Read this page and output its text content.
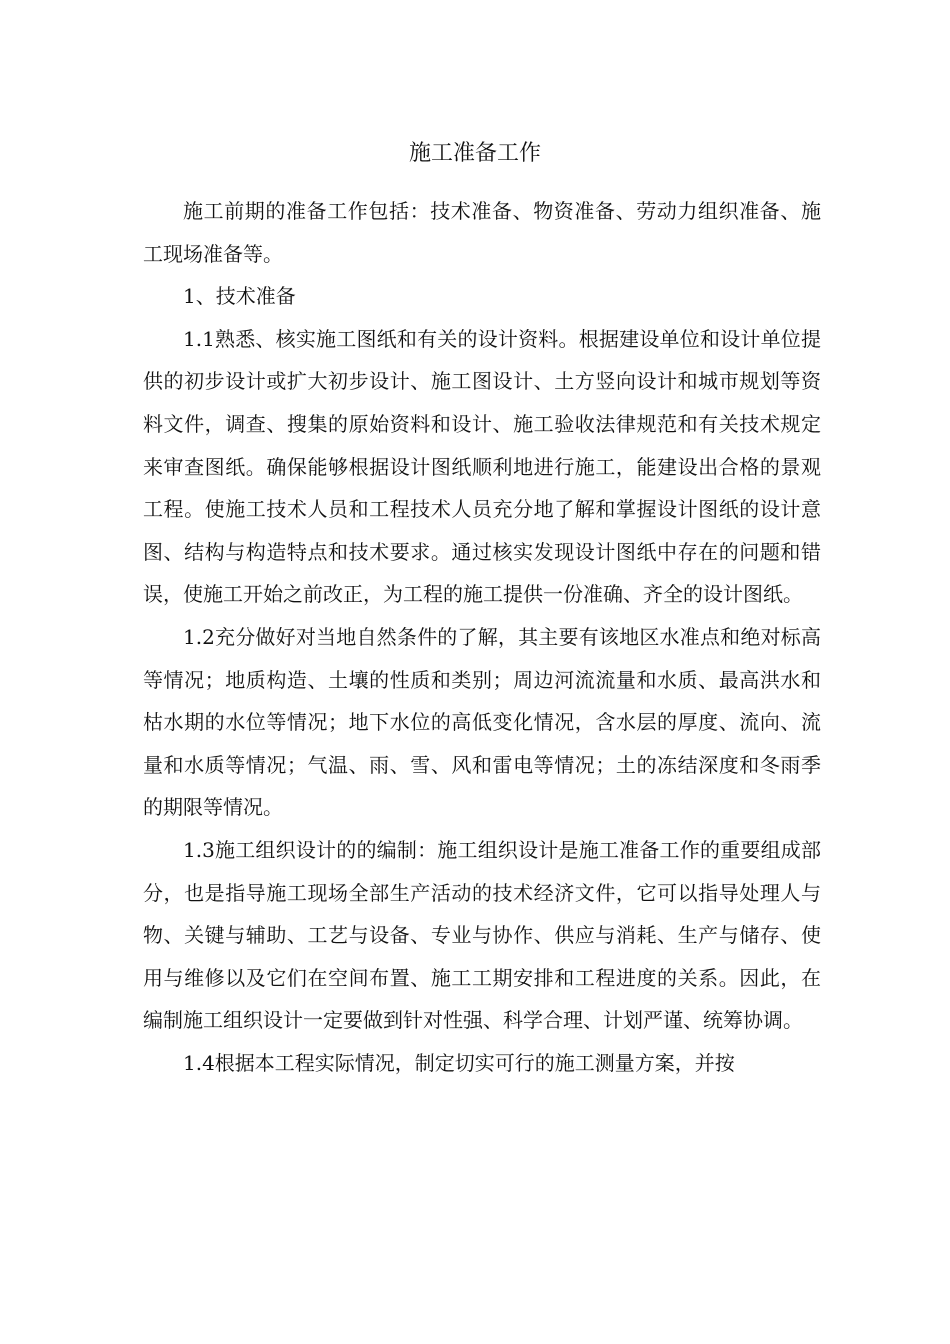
施工准备工作

施工前期的准备工作包括：技术准备、物资准备、劳动力组织准备、施工现场准备等。

1、技术准备

1.1熟悉、核实施工图纸和有关的设计资料。根据建设单位和设计单位提供的初步设计或扩大初步设计、施工图设计、土方竖向设计和城市规划等资料文件，调查、搜集的原始资料和设计、施工验收法律规范和有关技术规定来审查图纸。确保能够根据设计图纸顺利地进行施工，能建设出合格的景观工程。使施工技术人员和工程技术人员充分地了解和掌握设计图纸的设计意图、结构与构造特点和技术要求。通过核实发现设计图纸中存在的问题和错误，使施工开始之前改正，为工程的施工提供一份准确、齐全的设计图纸。

1.2充分做好对当地自然条件的了解，其主要有该地区水准点和绝对标高等情况；地质构造、土壤的性质和类别；周边河流流量和水质、最高洪水和枯水期的水位等情况；地下水位的高低变化情况，含水层的厚度、流向、流量和水质等情况；气温、雨、雪、风和雷电等情况；土的冻结深度和冬雨季的期限等情况。

1.3施工组织设计的的编制：施工组织设计是施工准备工作的重要组成部分，也是指导施工现场全部生产活动的技术经济文件，它可以指导处理人与物、关键与辅助、工艺与设备、专业与协作、供应与消耗、生产与储存、使用与维修以及它们在空间布置、施工工期安排和工程进度的关系。因此，在编制施工组织设计一定要做到针对性强、科学合理、计划严谨、统筹协调。

1.4根据本工程实际情况，制定切实可行的施工测量方案，并按
